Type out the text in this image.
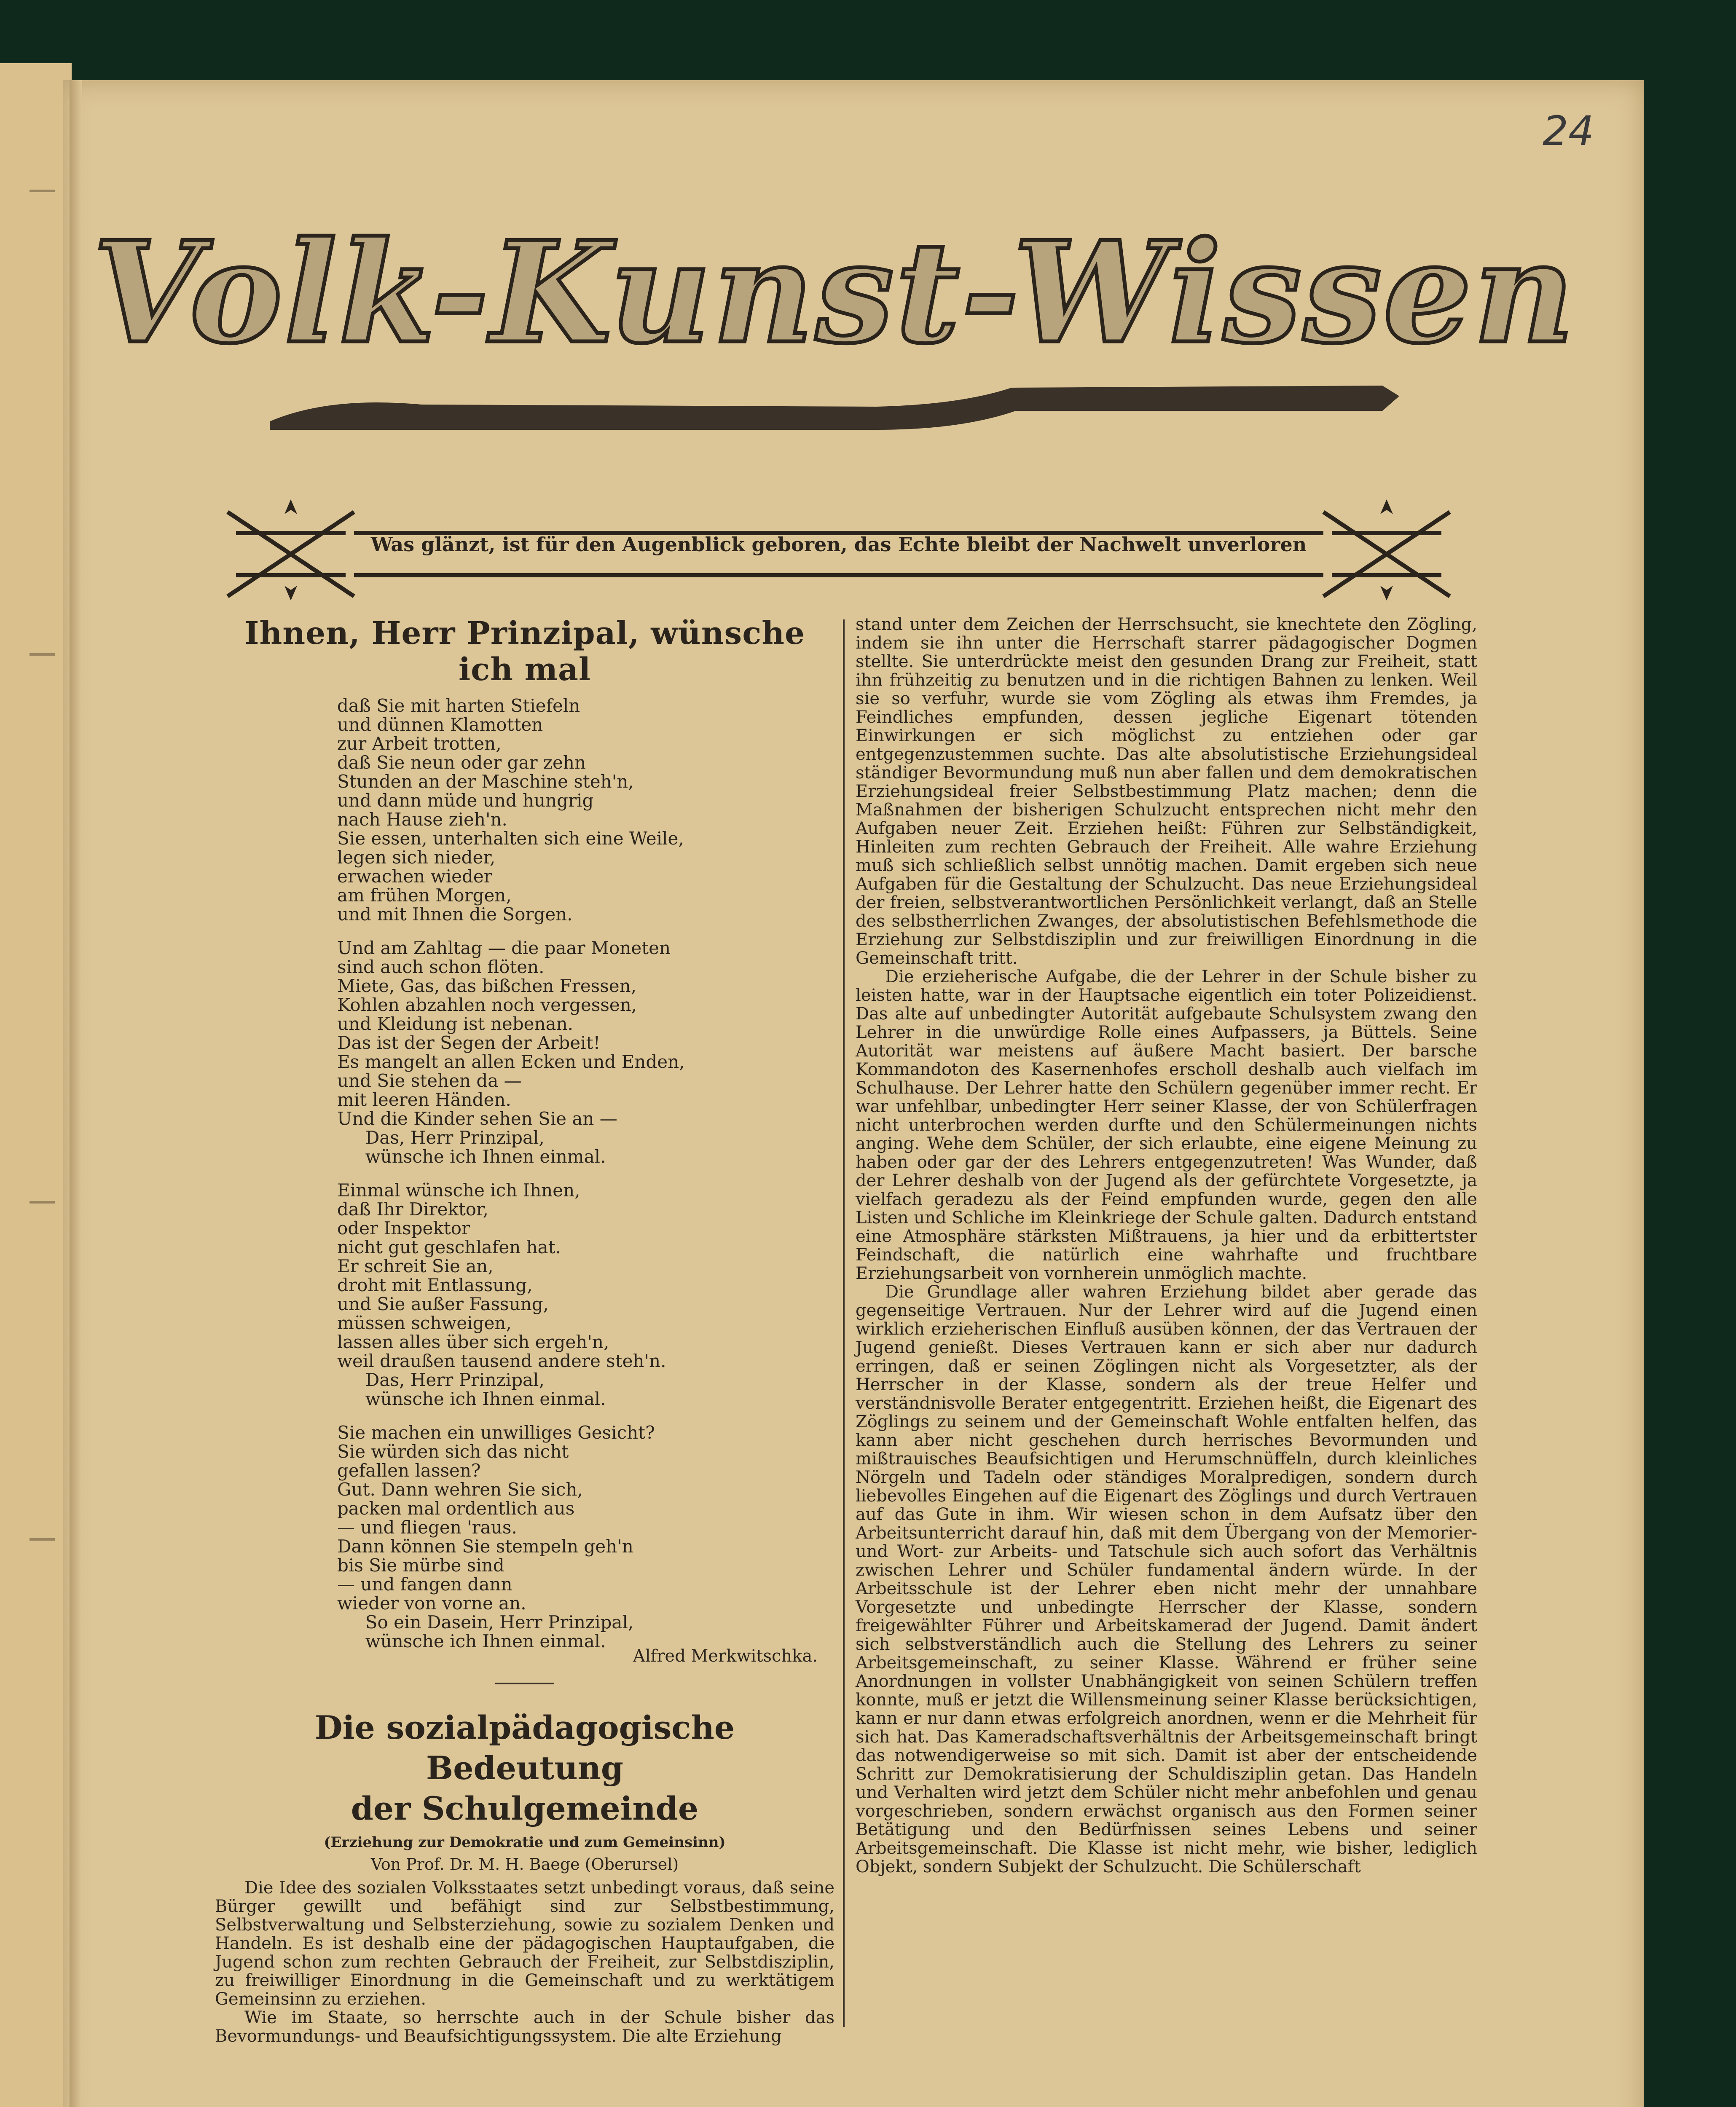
24
Volk-Kunst-Wissen
Was glänzt, ist für den Augenblick geboren, das Echte bleibt der Nachwelt unverloren
Ihnen, Herr Prinzipal, wünsche ich mal
daß Sie mit harten Stiefeln
und dünnen Klamotten
zur Arbeit trotten,
daß Sie neun oder gar zehn
Stunden an der Maschine steh'n,
und dann müde und hungrig
nach Hause zieh'n.
Sie essen, unterhalten sich eine Weile,
legen sich nieder,
erwachen wieder
am frühen Morgen,
und mit Ihnen die Sorgen.
Und am Zahltag — die paar Moneten
sind auch schon flöten.
Miete, Gas, das bißchen Fressen,
Kohlen abzahlen noch vergessen,
und Kleidung ist nebenan.
Das ist der Segen der Arbeit!
Es mangelt an allen Ecken und Enden,
und Sie stehen da —
mit leeren Händen.
Und die Kinder sehen Sie an —
Das, Herr Prinzipal,
wünsche ich Ihnen einmal.
Einmal wünsche ich Ihnen,
daß Ihr Direktor,
oder Inspektor
nicht gut geschlafen hat.
Er schreit Sie an,
droht mit Entlassung,
und Sie außer Fassung,
müssen schweigen,
lassen alles über sich ergeh'n,
weil draußen tausend andere steh'n.
Das, Herr Prinzipal,
wünsche ich Ihnen einmal.
Sie machen ein unwilliges Gesicht?
Sie würden sich das nicht
gefallen lassen?
Gut. Dann wehren Sie sich,
packen mal ordentlich aus
— und fliegen 'raus.
Dann können Sie stempeln geh'n
bis Sie mürbe sind
— und fangen dann
wieder von vorne an.
So ein Dasein, Herr Prinzipal,
wünsche ich Ihnen einmal.
Alfred Merkwitschka.
Die sozialpädagogische Bedeutung
der Schulgemeinde
(Erziehung zur Demokratie und zum Gemeinsinn)
Von Prof. Dr. M. H. Baege (Oberursel)

Die Idee des sozialen Volksstaates setzt unbedingt voraus, daß seine Bürger gewillt und befähigt sind zur Selbstbestimmung, Selbstverwaltung und Selbsterziehung, sowie zu sozialem Denken und Handeln. Es ist deshalb eine der pädagogischen Hauptaufgaben, die Jugend schon zum rechten Gebrauch der Freiheit, zur Selbstdisziplin, zu freiwilliger Einordnung in die Gemeinschaft und zu werktätigem Gemeinsinn zu erziehen.

Wie im Staate, so herrschte auch in der Schule bisher das Bevormundungs- und Beaufsichtigungssystem. Die alte Erziehung

stand unter dem Zeichen der Herrschsucht, sie knechtete den Zögling, indem sie ihn unter die Herrschaft starrer pädagogischer Dogmen stellte. Sie unterdrückte meist den gesunden Drang zur Freiheit, statt ihn frühzeitig zu benutzen und in die richtigen Bahnen zu lenken. Weil sie so verfuhr, wurde sie vom Zögling als etwas ihm Fremdes, ja Feindliches empfunden, dessen jegliche Eigenart tötenden Einwirkungen er sich möglichst zu entziehen oder gar entgegenzustemmen suchte. Das alte absolutistische Erziehungsideal ständiger Bevormundung muß nun aber fallen und dem demokratischen Erziehungsideal freier Selbstbestimmung Platz machen; denn die Maßnahmen der bisherigen Schulzucht entsprechen nicht mehr den Aufgaben neuer Zeit. Erziehen heißt: Führen zur Selbständigkeit, Hinleiten zum rechten Gebrauch der Freiheit. Alle wahre Erziehung muß sich schließlich selbst unnötig machen. Damit ergeben sich neue Aufgaben für die Gestaltung der Schulzucht. Das neue Erziehungsideal der freien, selbstverantwortlichen Persönlichkeit verlangt, daß an Stelle des selbstherrlichen Zwanges, der absolutistischen Befehlsmethode die Erziehung zur Selbstdisziplin und zur freiwilligen Einordnung in die Gemeinschaft tritt.

Die erzieherische Aufgabe, die der Lehrer in der Schule bisher zu leisten hatte, war in der Hauptsache eigentlich ein toter Polizeidienst. Das alte auf unbedingter Autorität aufgebaute Schulsystem zwang den Lehrer in die unwürdige Rolle eines Aufpassers, ja Büttels. Seine Autorität war meistens auf äußere Macht basiert. Der barsche Kommandoton des Kasernenhofes erscholl deshalb auch vielfach im Schulhause. Der Lehrer hatte den Schülern gegenüber immer recht. Er war unfehlbar, unbedingter Herr seiner Klasse, der von Schülerfragen nicht unterbrochen werden durfte und den Schülermeinungen nichts anging. Wehe dem Schüler, der sich erlaubte, eine eigene Meinung zu haben oder gar der des Lehrers entgegenzutreten! Was Wunder, daß der Lehrer deshalb von der Jugend als der gefürchtete Vorgesetzte, ja vielfach geradezu als der Feind empfunden wurde, gegen den alle Listen und Schliche im Kleinkriege der Schule galten. Dadurch entstand eine Atmosphäre stärksten Mißtrauens, ja hier und da erbittertster Feindschaft, die natürlich eine wahrhafte und fruchtbare Erziehungsarbeit von vornherein unmöglich machte.

Die Grundlage aller wahren Erziehung bildet aber gerade das gegenseitige Vertrauen. Nur der Lehrer wird auf die Jugend einen wirklich erzieherischen Einfluß ausüben können, der das Vertrauen der Jugend genießt. Dieses Vertrauen kann er sich aber nur dadurch erringen, daß er seinen Zöglingen nicht als Vorgesetzter, als der Herrscher in der Klasse, sondern als der treue Helfer und verständnisvolle Berater entgegentritt. Erziehen heißt, die Eigenart des Zöglings zu seinem und der Gemeinschaft Wohle entfalten helfen, das kann aber nicht geschehen durch herrisches Bevormunden und mißtrauisches Beaufsichtigen und Herumschnüffeln, durch kleinliches Nörgeln und Tadeln oder ständiges Moralpredigen, sondern durch liebevolles Eingehen auf die Eigenart des Zöglings und durch Vertrauen auf das Gute in ihm. Wir wiesen schon in dem Aufsatz über den Arbeitsunterricht darauf hin, daß mit dem Übergang von der Memorier- und Wort- zur Arbeits- und Tatschule sich auch sofort das Verhältnis zwischen Lehrer und Schüler fundamental ändern würde. In der Arbeitsschule ist der Lehrer eben nicht mehr der unnahbare Vorgesetzte und unbedingte Herrscher der Klasse, sondern freigewählter Führer und Arbeitskamerad der Jugend. Damit ändert sich selbstverständlich auch die Stellung des Lehrers zu seiner Arbeitsgemeinschaft, zu seiner Klasse. Während er früher seine Anordnungen in vollster Unabhängigkeit von seinen Schülern treffen konnte, muß er jetzt die Willensmeinung seiner Klasse berücksichtigen, kann er nur dann etwas erfolgreich anordnen, wenn er die Mehrheit für sich hat. Das Kameradschaftsverhältnis der Arbeitsgemeinschaft bringt das notwendigerweise so mit sich. Damit ist aber der entscheidende Schritt zur Demokratisierung der Schuldisziplin getan. Das Handeln und Verhalten wird jetzt dem Schüler nicht mehr anbefohlen und genau vorgeschrieben, sondern erwächst organisch aus den Formen seiner Betätigung und den Bedürfnissen seines Lebens und seiner Arbeitsgemeinschaft. Die Klasse ist nicht mehr, wie bisher, lediglich Objekt, sondern Subjekt der Schulzucht. Die Schülerschaft
